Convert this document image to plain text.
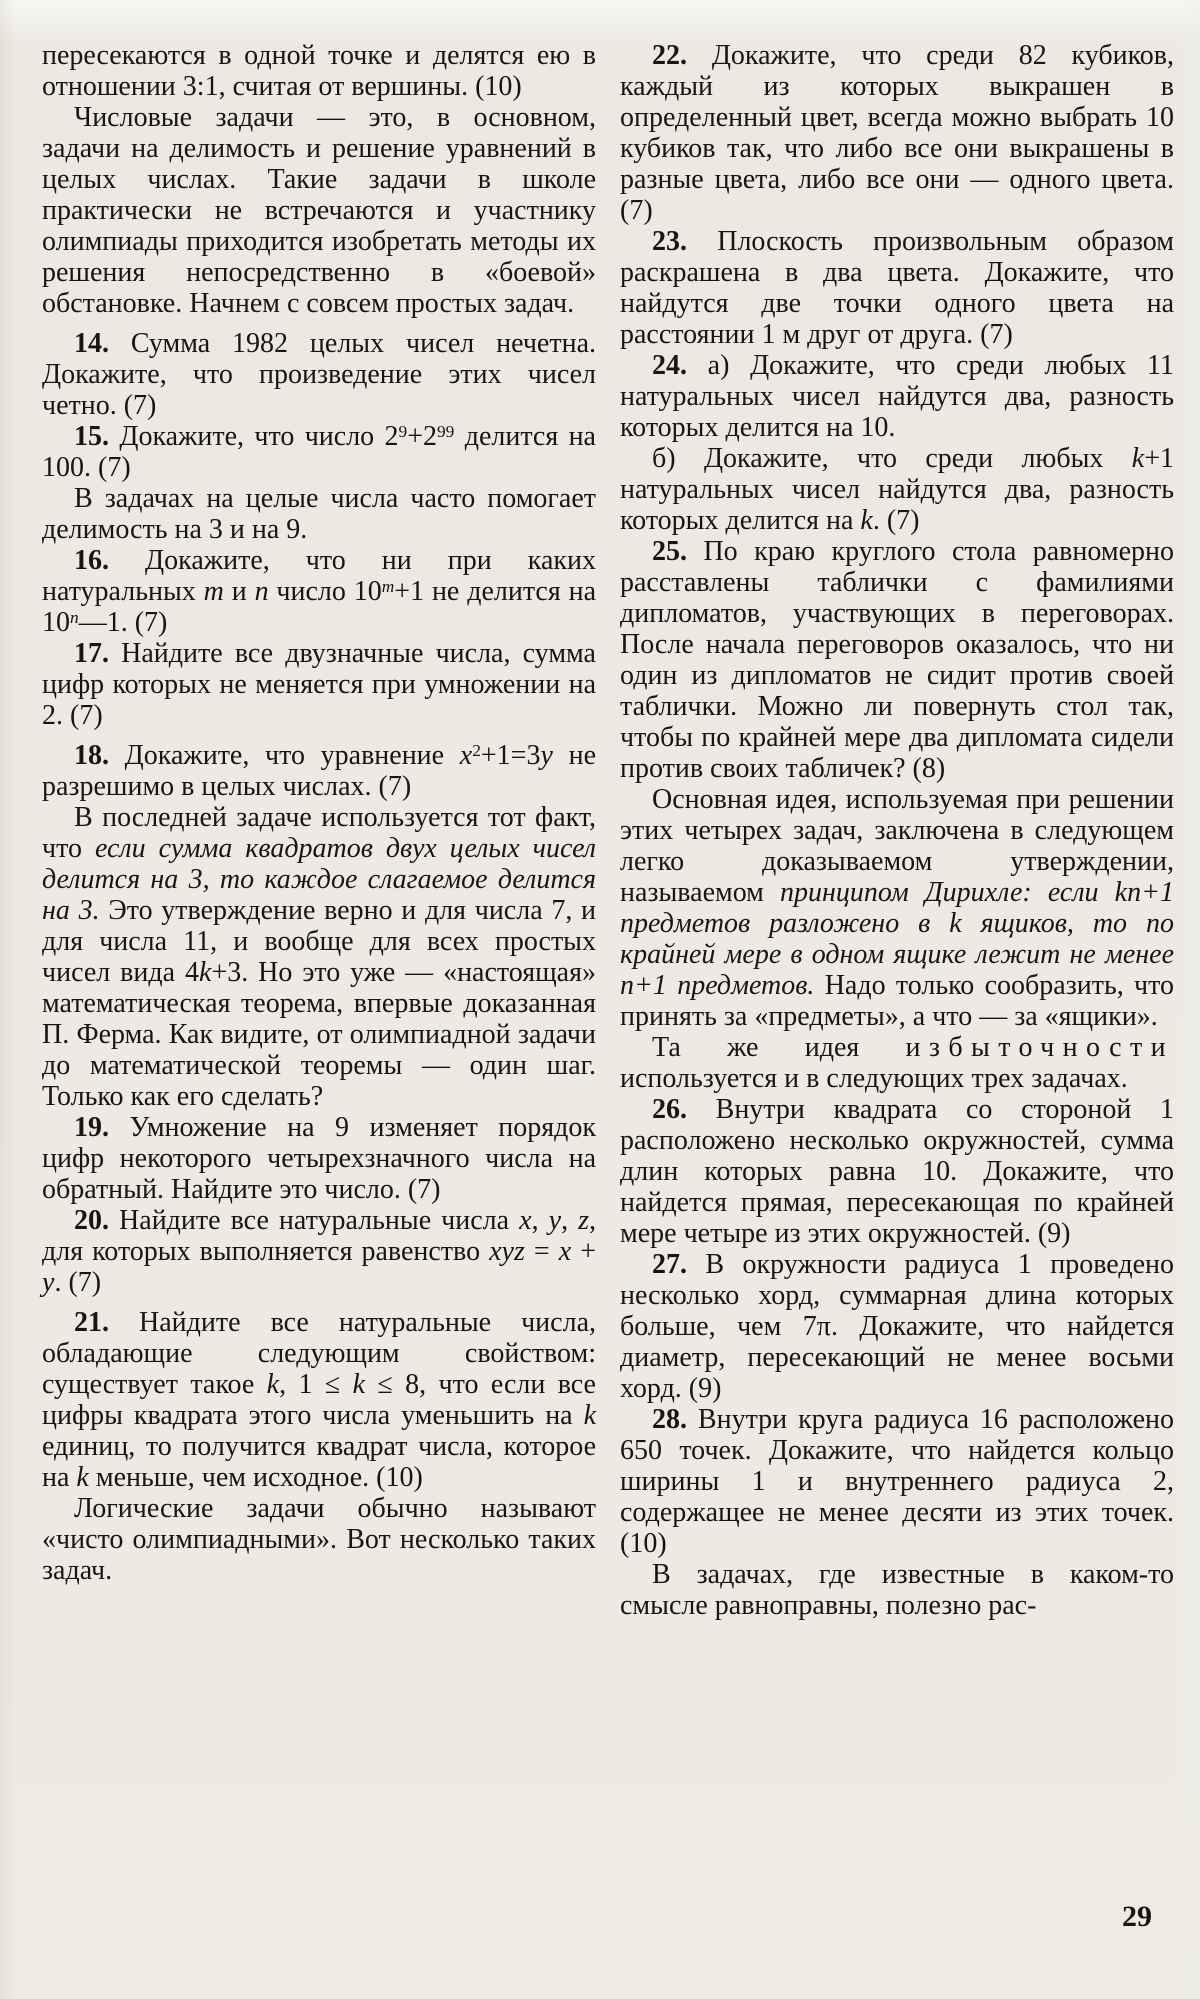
пересекаются в одной точке и делятся ею в отношении 3:1, считая от вершины. (10)

Числовые задачи — это, в основном, задачи на делимость и решение уравнений в целых числах. Такие задачи в школе практически не встречаются и участнику олимпиады приходится изобретать методы их решения непосредственно в «боевой» обстановке. Начнем с совсем простых задач.

14. Сумма 1982 целых чисел нечетна. Докажите, что произведение этих чисел четно. (7)

15. Докажите, что число $2^9+2^{99}$ делится на 100. (7)

В задачах на целые числа часто помогает делимость на 3 и на 9.

16. Докажите, что ни при каких натуральных m и n число $10^m+1$ не делится на 10$^n$—1. (7)

17. Найдите все двузначные числа, сумма цифр которых не меняется при умножении на 2. (7)

18. Докажите, что уравнение $x^2+1=3y$ не разрешимо в целых числах. (7)

В последней задаче используется тот факт, что если сумма квадратов двух целых чисел делится на 3, то каждое слагаемое делится на 3. Это утверждение верно и для числа 7, и для числа 11, и вообще для всех простых чисел вида 4k+3. Но это уже — «настоящая» математическая теорема, впервые доказанная П. Ферма. Как видите, от олимпиадной задачи до математической теоремы — один шаг. Только как его сделать?

19. Умножение на 9 изменяет порядок цифр некоторого четырехзначного числа на обратный. Найдите это число. (7)

20. Найдите все натуральные числа x, y, z, для которых выполняется равенство xyz = x + y. (7)

21. Найдите все натуральные числа, обладающие следующим свойством: существует такое k, 1 ≤ k ≤ 8, что если все цифры квадрата этого числа уменьшить на k единиц, то получится квадрат числа, которое на k меньше, чем исходное. (10)

Логические задачи обычно называют «чисто олимпиадными». Вот несколько таких задач.

22. Докажите, что среди 82 кубиков, каждый из которых выкрашен в определенный цвет, всегда можно выбрать 10 кубиков так, что либо все они выкрашены в разные цвета, либо все они — одного цвета. (7)

23. Плоскость произвольным образом раскрашена в два цвета. Докажите, что найдутся две точки одного цвета на расстоянии 1 м друг от друга. (7)

24. а) Докажите, что среди любых 11 натуральных чисел найдутся два, разность которых делится на 10.

б) Докажите, что среди любых k+1 натуральных чисел найдутся два, разность которых делится на k. (7)

25. По краю круглого стола равномерно расставлены таблички с фамилиями дипломатов, участвующих в переговорах. После начала переговоров оказалось, что ни один из дипломатов не сидит против своей таблички. Можно ли повернуть стол так, чтобы по крайней мере два дипломата сидели против своих табличек? (8)

Основная идея, используемая при решении этих четырех задач, заключена в следующем легко доказываемом утверждении, называемом принципом Дирихле: если kn+1 предметов разложено в k ящиков, то по крайней мере в одном ящике лежит не менее n+1 предметов. Надо только сообразить, что принять за «предметы», а что — за «ящики».

Та же идея избыточности используется и в следующих трех задачах.

26. Внутри квадрата со стороной 1 расположено несколько окружностей, сумма длин которых равна 10. Докажите, что найдется прямая, пересекающая по крайней мере четыре из этих окружностей. (9)

27. В окружности радиуса 1 проведено несколько хорд, суммарная длина которых больше, чем 7π. Докажите, что найдется диаметр, пересекающий не менее восьми хорд. (9)

28. Внутри круга радиуса 16 расположено 650 точек. Докажите, что найдется кольцо ширины 1 и внутреннего радиуса 2, содержащее не менее десяти из этих точек. (10)

В задачах, где известные в каком-то смысле равноправны, полезно рас-

29
